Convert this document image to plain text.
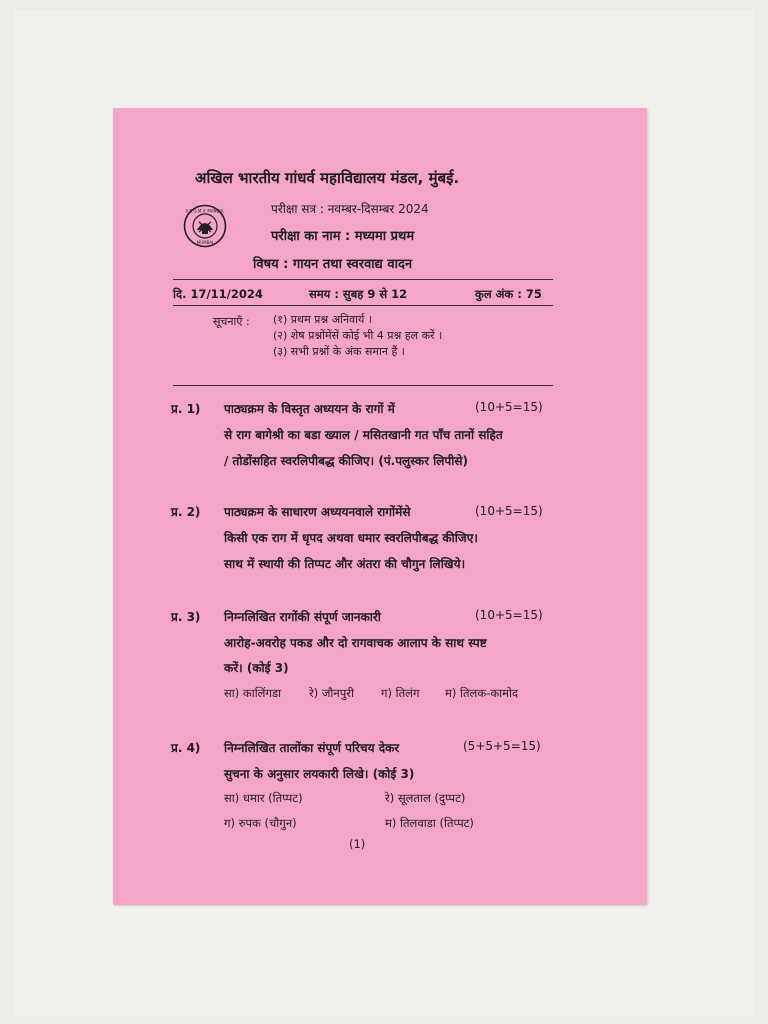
अखिल भारतीय गांधर्व महाविद्यालय मंडल, मुंबई.
A.B.G.M.V. MANDAL
MUMBAI
परीक्षा सत्र : नवम्बर-दिसम्बर 2024
परीक्षा का नाम : मध्यमा प्रथम
विषय : गायन तथा स्वरवाद्य वादन
दि. 17/11/2024	समय : सुबह 9 से 12	कुल अंक : 75
सूचनाएँ : (१) प्रथम प्रश्न अनिवार्य ।
(२) शेष प्रश्नोंमेंसें कोई भी 4 प्रश्न हल करें ।
(३) सभी प्रश्नों के अंक समान हैं ।
प्र. 1)	(10+5=15)
पाठ्यक्रम के विस्तृत अध्ययन के रागों में
से राग बागेश्री का बडा ख्याल / मसितखानी गत पाँच तानों सहित
/ तोडोंसहित स्वरलिपीबद्ध कीजिए। (पं.पलुस्कर लिपीसे)
प्र. 2)	(10+5=15)
पाठ्यक्रम के साधारण अध्ययनवाले रागोंमेंसे
किसी एक राग में धृपद अथवा धमार स्वरलिपीबद्ध कीजिए।
साथ में स्थायी की तिप्पट और अंतरा की चौगुन लिखिये।
प्र. 3)	(10+5=15)
निम्नलिखित रागोंकी संपूर्ण जानकारी
आरोह-अवरोह पकड और दो रागवाचक आलाप के साथ स्पष्ट
करें। (कोई 3)
सा) कालिंगडा रे) जौनपुरी ग) तिलंग म) तिलक-कामोद
प्र. 4)	(5+5+5=15)
निम्नलिखित तालोंका संपूर्ण परिचय देकर
सुचना के अनुसार लयकारी लिखे। (कोई 3)
सा) धमार (तिप्पट)	रे) सूलताल (दुप्पट)
ग) रुपक (चौगुन)	म) तिलवाडा (तिप्पट)
(1)
